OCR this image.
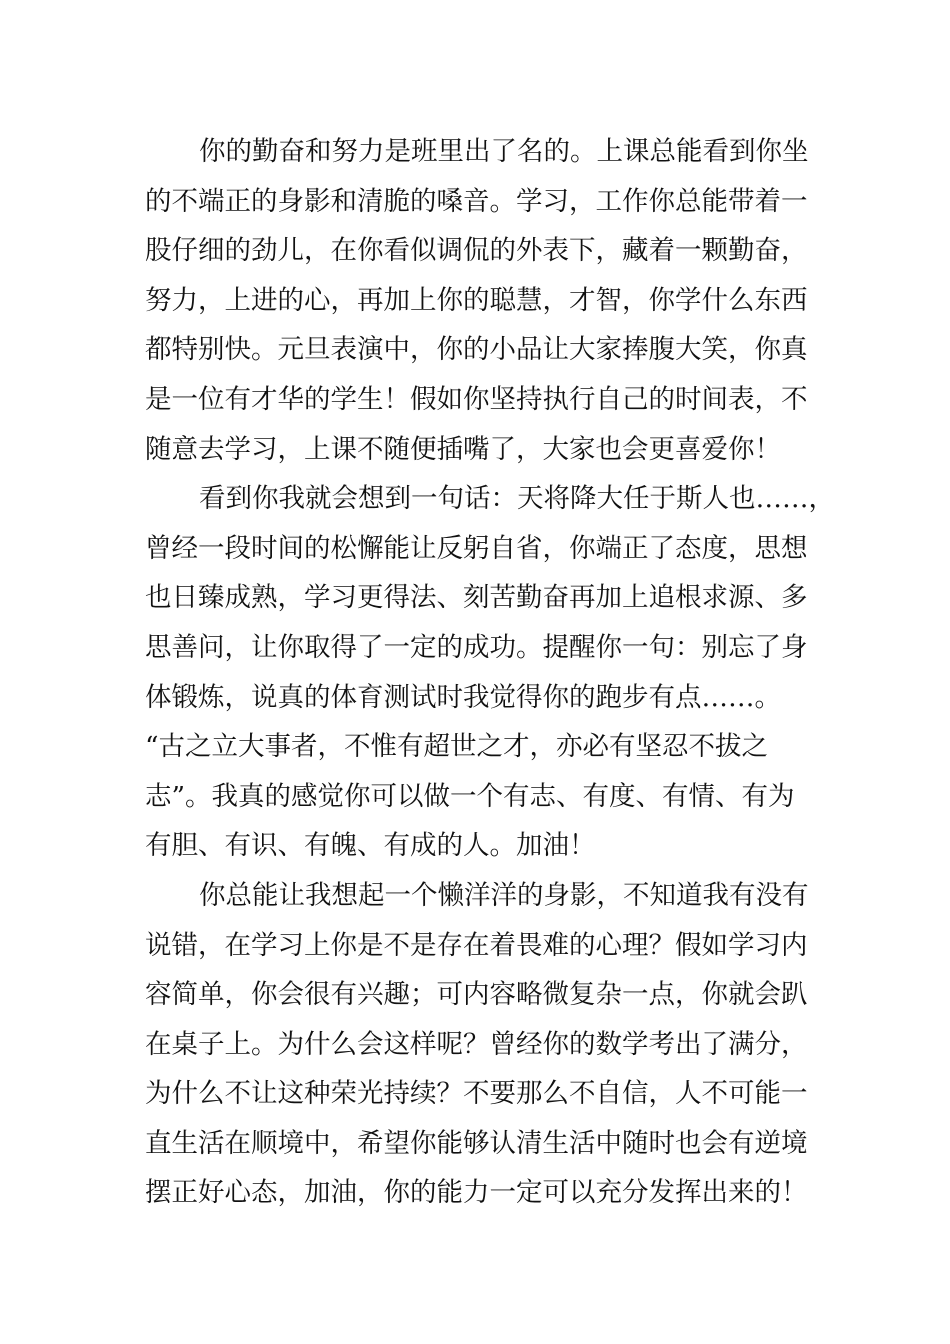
你的勤奋和努力是班里出了名的。上课总能看到你坐
的不端正的身影和清脆的嗓音。学习，工作你总能带着一
股仔细的劲儿，在你看似调侃的外表下，藏着一颗勤奋，
努力，上进的心，再加上你的聪慧，才智，你学什么东西
都特别快。元旦表演中，你的小品让大家捧腹大笑，你真
是一位有才华的学生！假如你坚持执行自己的时间表，不
随意去学习，上课不随便插嘴了，大家也会更喜爱你！
看到你我就会想到一句话：天将降大任于斯人也……，
曾经一段时间的松懈能让反躬自省，你端正了态度，思想
也日臻成熟，学习更得法、刻苦勤奋再加上追根求源、多
思善问，让你取得了一定的成功。提醒你一句：别忘了身
体锻炼，说真的体育测试时我觉得你的跑步有点……。
“古之立大事者，不惟有超世之才，亦必有坚忍不拔之
志”。我真的感觉你可以做一个有志、有度、有情、有为
有胆、有识、有魄、有成的人。加油！
你总能让我想起一个懒洋洋的身影，不知道我有没有
说错，在学习上你是不是存在着畏难的心理？假如学习内
容简单，你会很有兴趣；可内容略微复杂一点，你就会趴
在桌子上。为什么会这样呢？曾经你的数学考出了满分，
为什么不让这种荣光持续？不要那么不自信，人不可能一
直生活在顺境中，希望你能够认清生活中随时也会有逆境
摆正好心态，加油，你的能力一定可以充分发挥出来的！
